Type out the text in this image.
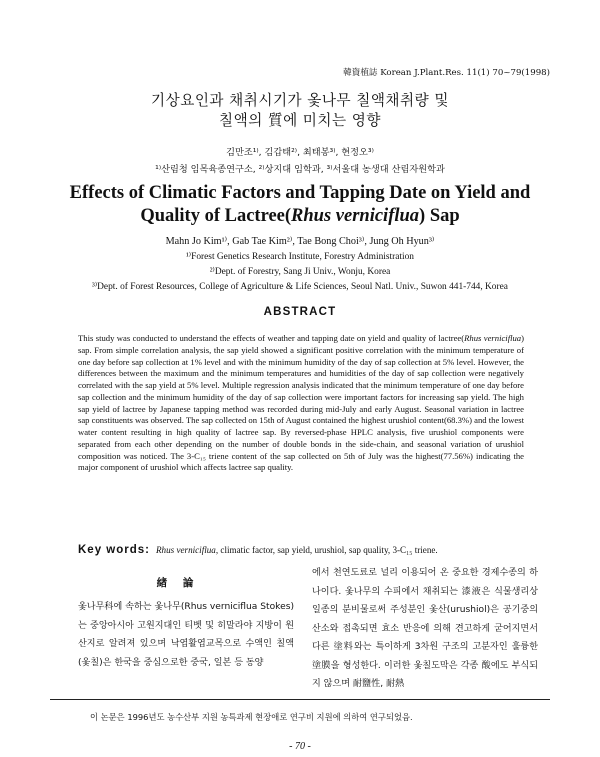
韓資植誌 Korean J.Plant.Res. 11(1) 70~79(1998)
기상요인과 채취시기가 옻나무 칠액채취량 및
칠액의 質에 미치는 영향
김만조¹⁾, 김갑태²⁾, 최태봉³⁾, 현정오³⁾
¹⁾산림청 임목육종연구소, ²⁾상지대 임학과, ³⁾서울대 농생대 산림자원학과
Effects of Climatic Factors and Tapping Date on Yield and
Quality of Lactree(Rhus verniciflua) Sap
Mahn Jo Kim¹⁾, Gab Tae Kim²⁾, Tae Bong Choi³⁾, Jung Oh Hyun³⁾
¹⁾Forest Genetics Research Institute, Forestry Administration
²⁾Dept. of Forestry, Sang Ji Univ., Wonju, Korea
³⁾Dept. of Forest Resources, College of Agriculture & Life Sciences, Seoul Natl. Univ., Suwon 441-744, Korea
ABSTRACT
This study was conducted to understand the effects of weather and tapping date on yield and quality of lactree(Rhus verniciflua) sap. From simple correlation analysis, the sap yield showed a significant positive correlation with the minimum temperature of one day before sap collection at 1% level and with the minimum humidity of the day of sap collection at 5% level. However, the differences between the maximum and the minimum temperatures and humidities of the day of sap collection were negatively correlated with the sap yield at 5% level. Multiple regression analysis indicated that the minimum temperature of one day before sap collection and the minimum humidity of the day of sap collection were important factors for increasing sap yield. The high sap yield of lactree by Japanese tapping method was recorded during mid-July and early August. Seasonal variation in lactree sap constituents was observed. The sap collected on 15th of August contained the highest urushiol content(68.3%) and the lowest water content resulting in high quality of lactree sap. By reversed-phase HPLC analysis, five urushiol components were separated from each other depending on the number of double bonds in the side-chain, and seasonal variation of urushiol composition was noticed. The 3-C₁₅ triene content of the sap collected on 5th of July was the highest(77.56%) indicating the major component of urushiol which affects lactree sap quality.
Key words: Rhus verniciflua, climatic factor, sap yield, urushiol, sap quality, 3-C₁₅ triene.
緖 論
옻나무科에 속하는 옻나무(Rhus verniciflua Stokes)는 중앙아시아 고원지대인 티벳 및 히말라야 지방이 원산지로 알려져 있으며 낙엽활엽교목으로 수액인 칠액(옻칠)은 한국을 중심으로한 중국, 일본 등 동양
에서 천연도료로 널리 이용되어 온 중요한 경제수종의 하나이다. 옻나무의 수피에서 채취되는 漆液은 식물생리상 일종의 분비물로써 주성분인 옻산(urushiol)은 공기중의 산소와 접촉되면 효소 반응에 의해 견고하게 굳어지면서 다른 塗料와는 특이하게 3차원 구조의 고분자인 훌륭한 塗膜을 형성한다. 이러한 옻칠도막은 각종 酸에도 부식되지 않으며 耐鹽性, 耐熱
이 논문은 1996년도 농수산부 지원 농특과제 현장애로 연구비 지원에 의하여 연구되었음.
- 70 -
